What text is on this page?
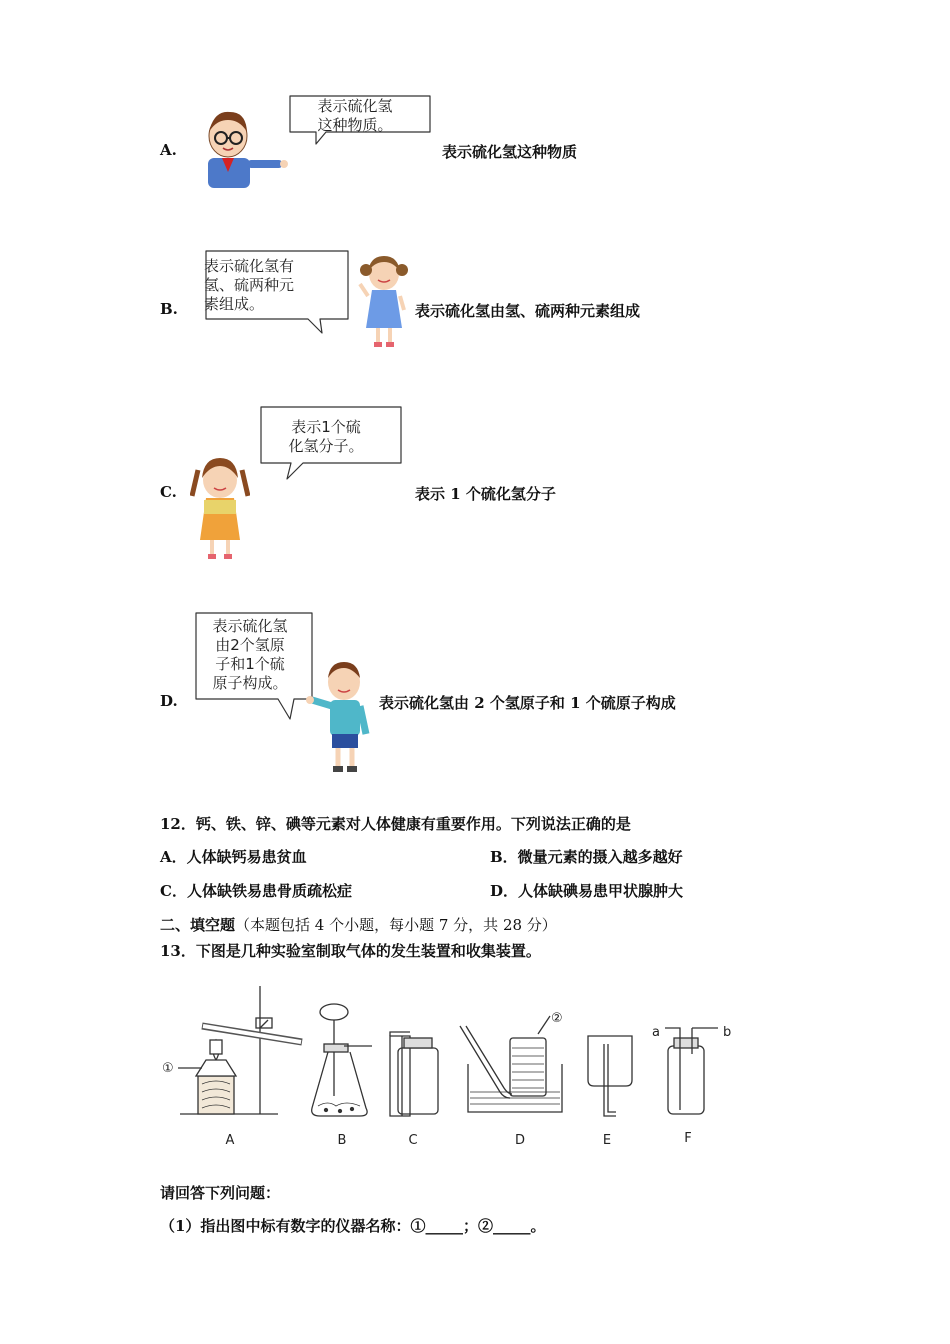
A.
表示硫化氢
这种物质。
表示硫化氢这种物质
B.
表示硫化氢有
氢、硫两种元
素组成。	表示硫化氢由氢、硫两种元素组成
C.
表示1个硫
化氢分子。
表示 1 个硫化氢分子
D.
表示硫化氢
由2个氢原
子和1个硫
原子构成。
表示硫化氢由 2 个氢原子和 1 个硫原子构成
12．钙、铁、锌、碘等元素对人体健康有重要作用。下列说法正确的是
A．人体缺钙易患贫血	B．微量元素的摄入越多越好
C．人体缺铁易患骨质疏松症	D．人体缺碘易患甲状腺肿大
二、填空题（本题包括 4 个小题，每小题 7 分，共 28 分）
13．下图是几种实验室制取气体的发生装置和收集装置。
①
②
a	b
A	B	C	D	E	F
请回答下列问题：
（1）指出图中标有数字的仪器名称：①_____；②_____。
